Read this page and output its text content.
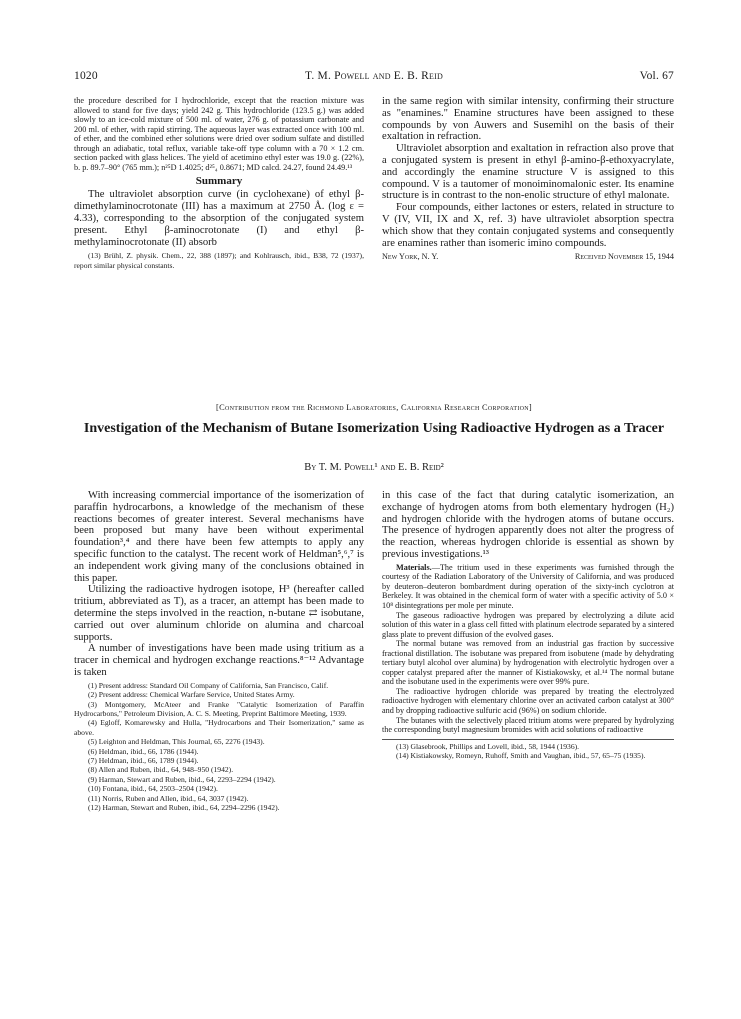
1020	T. M. Powell and E. B. Reid	Vol. 67

the procedure described for I hydrochloride, except that the reaction mixture was allowed to stand for five days; yield 242 g. This hydrochloride (123.5 g.) was added slowly to an ice-cold mixture of 500 ml. of water, 276 g. of potassium carbonate and 200 ml. of ether, with rapid stirring. The aqueous layer was extracted once with 100 ml. of ether, and the combined ether solutions were dried over sodium sulfate and distilled through an adiabatic, total reflux, variable take-off type column with a 70 × 1.2 cm. section packed with glass helices. The yield of acetimino ethyl ester was 19.0 g. (22%), b. p. 89.7–90° (765 mm.); n²⁵D 1.4025; d²⁵₄ 0.8671; MD calcd. 24.27, found 24.49.¹³

Summary

The ultraviolet absorption curve (in cyclohexane) of ethyl β-dimethylaminocrotonate (III) has a maximum at 2750 Å. (log ε = 4.33), corresponding to the absorption of the conjugated system present. Ethyl β-aminocrotonate (I) and ethyl β-methylaminocrotonate (II) absorb

(13) Brühl, Z. physik. Chem., 22, 388 (1897); and Kohlrausch, ibid., B38, 72 (1937), report similar physical constants.

in the same region with similar intensity, confirming their structure as "enamines." Enamine structures have been assigned to these compounds by von Auwers and Susemihl on the basis of their exaltation in refraction.

Ultraviolet absorption and exaltation in refraction also prove that a conjugated system is present in ethyl β-amino-β-ethoxyacrylate, and accordingly the enamine structure V is assigned to this compound. V is a tautomer of monoiminomalonic ester. Its enamine structure is in contrast to the non-enolic structure of ethyl malonate.

Four compounds, either lactones or esters, related in structure to V (IV, VII, IX and X, ref. 3) have ultraviolet absorption spectra which show that they contain conjugated systems and consequently are enamines rather than isomeric imino compounds.

New York, N. Y.	Received November 15, 1944
[Contribution from the Richmond Laboratories, California Research Corporation]
Investigation of the Mechanism of Butane Isomerization Using Radioactive Hydrogen as a Tracer
By T. M. Powell¹ and E. B. Reid²

With increasing commercial importance of the isomerization of paraffin hydrocarbons, a knowledge of the mechanism of these reactions becomes of greater interest. Several mechanisms have been proposed but many have been without experimental foundation³,⁴ and there have been few attempts to apply any specific function to the catalyst. The recent work of Heldman⁵,⁶,⁷ is an independent work giving many of the conclusions obtained in this paper.

Utilizing the radioactive hydrogen isotope, H³ (hereafter called tritium, abbreviated as T), as a tracer, an attempt has been made to determine the steps involved in the reaction, n-butane ⇄ isobutane, carried out over aluminum chloride on alumina and charcoal supports.

A number of investigations have been made using tritium as a tracer in chemical and hydrogen exchange reactions.⁸⁻¹² Advantage is taken

(1) Present address: Standard Oil Company of California, San Francisco, Calif.

(2) Present address: Chemical Warfare Service, United States Army.

(3) Montgomery, McAteer and Franke "Catalytic Isomerization of Paraffin Hydrocarbons," Petroleum Division, A. C. S. Meeting, Preprint Baltimore Meeting, 1939.

(4) Egloff, Komarewsky and Hulla, "Hydrocarbons and Their Isomerization," same as above.

(5) Leighton and Heldman, This Journal, 65, 2276 (1943).

(6) Heldman, ibid., 66, 1786 (1944).

(7) Heldman, ibid., 66, 1789 (1944).

(8) Allen and Ruben, ibid., 64, 948–950 (1942).

(9) Harman, Stewart and Ruben, ibid., 64, 2293–2294 (1942).

(10) Fontana, ibid., 64, 2503–2504 (1942).

(11) Norris, Ruben and Allen, ibid., 64, 3037 (1942).

(12) Harman, Stewart and Ruben, ibid., 64, 2294–2296 (1942).

in this case of the fact that during catalytic isomerization, an exchange of hydrogen atoms from both elementary hydrogen (H₂) and hydrogen chloride with the hydrogen atoms of butane occurs. The presence of hydrogen apparently does not alter the progress of the reaction, whereas hydrogen chloride is essential as shown by previous investigations.¹³

Materials.—The tritium used in these experiments was furnished through the courtesy of the Radiation Laboratory of the University of California, and was produced by deuteron–deuteron bombardment during operation of the sixty-inch cyclotron at Berkeley. It was obtained in the chemical form of water with a specific activity of 5.0 × 10⁸ disintegrations per mole per minute.

The gaseous radioactive hydrogen was prepared by electrolyzing a dilute acid solution of this water in a glass cell fitted with platinum electrode separated by a sintered glass plate to prevent diffusion of the evolved gases.

The normal butane was removed from an industrial gas fraction by successive fractional distillation. The isobutane was prepared from isobutene (made by dehydrating tertiary butyl alcohol over alumina) by hydrogenation with electrolytic hydrogen over a copper catalyst prepared after the manner of Kistiakowsky, et al.¹⁴ The normal butane and the isobutane used in the experiments were over 99% pure.

The radioactive hydrogen chloride was prepared by treating the electrolyzed radioactive hydrogen with elementary chlorine over an activated carbon catalyst at 300° and by dropping radioactive sulfuric acid (96%) on sodium chloride.

The butanes with the selectively placed tritium atoms were prepared by hydrolyzing the corresponding butyl magnesium bromides with acid solutions of radioactive

(13) Glasebrook, Phillips and Lovell, ibid., 58, 1944 (1936).

(14) Kistiakowsky, Romeyn, Ruhoff, Smith and Vaughan, ibid., 57, 65–75 (1935).
